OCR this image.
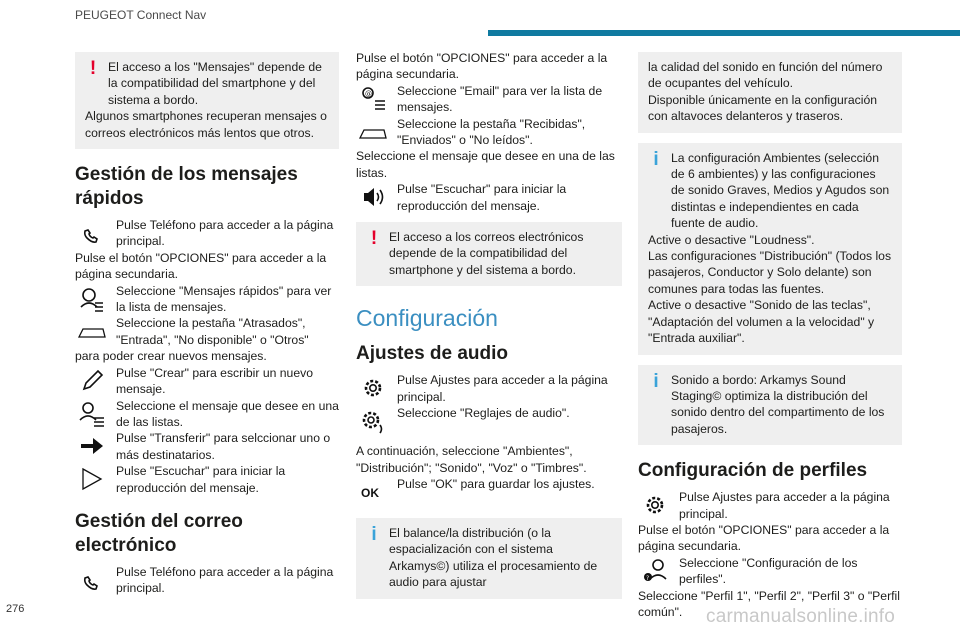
PEUGEOT Connect Nav
! El acceso a los "Mensajes" depende de la compatibilidad del smartphone y del sistema a bordo.
Algunos smartphones recuperan mensajes o correos electrónicos más lentos que otros.
Gestión de los mensajes rápidos
Pulse Teléfono para acceder a la página principal.

Pulse el botón "OPCIONES" para acceder a la página secundaria.

Seleccione "Mensajes rápidos" para ver la lista de mensajes.
Seleccione la pestaña "Atrasados", "Entrada", "No disponible" o "Otros"

para poder crear nuevos mensajes.

Pulse "Crear" para escribir un nuevo mensaje.
Seleccione el mensaje que desee en una de las listas.
Pulse "Transferir" para selccionar uno o más destinatarios.
Pulse "Escuchar" para iniciar la reproducción del mensaje.
Gestión del correo electrónico
Pulse Teléfono para acceder a la página principal.

Pulse el botón "OPCIONES" para acceder a la página secundaria.

@ Seleccione "Email" para ver la lista de mensajes.
Seleccione la pestaña "Recibidas", "Enviados" o "No leídos".

Seleccione el mensaje que desee en una de las listas.

Pulse "Escuchar" para iniciar la reproducción del mensaje.
! El acceso a los correos electrónicos depende de la compatibilidad del smartphone y del sistema a bordo.
Configuración
Ajustes de audio
Pulse Ajustes para acceder a la página principal.
Seleccione "Reglajes de audio".

A continuación, seleccione "Ambientes", "Distribución"; "Sonido", "Voz" o "Timbres".

OK
Pulse "OK" para guardar los ajustes.
i	El balance/la distribución (o la espacialización con el sistema Arkamys©) utiliza el procesamiento de audio para ajustar
la calidad del sonido en función del número de ocupantes del vehículo.
Disponible únicamente en la configuración con altavoces delanteros y traseros.
i	La configuración Ambientes (selección de 6 ambientes) y las configuraciones de sonido Graves, Medios y Agudos son distintas e independientes en cada fuente de audio.
Active o desactive "Loudness".
Las configuraciones "Distribución" (Todos los pasajeros, Conductor y Solo delante) son comunes para todas las fuentes.
Active o desactive "Sonido de las teclas", "Adaptación del volumen a la velocidad" y "Entrada auxiliar".
i	Sonido a bordo: Arkamys Sound Staging© optimiza la distribución del sonido dentro del compartimento de los pasajeros.
Configuración de perfiles
Pulse Ajustes para acceder a la página principal.

Pulse el botón "OPCIONES" para acceder a la página secundaria.

?
Seleccione "Configuración de los perfiles".

Seleccione "Perfil 1", "Perfil 2", "Perfil 3" o "Perfil común".

276	carmanualsonline.info
